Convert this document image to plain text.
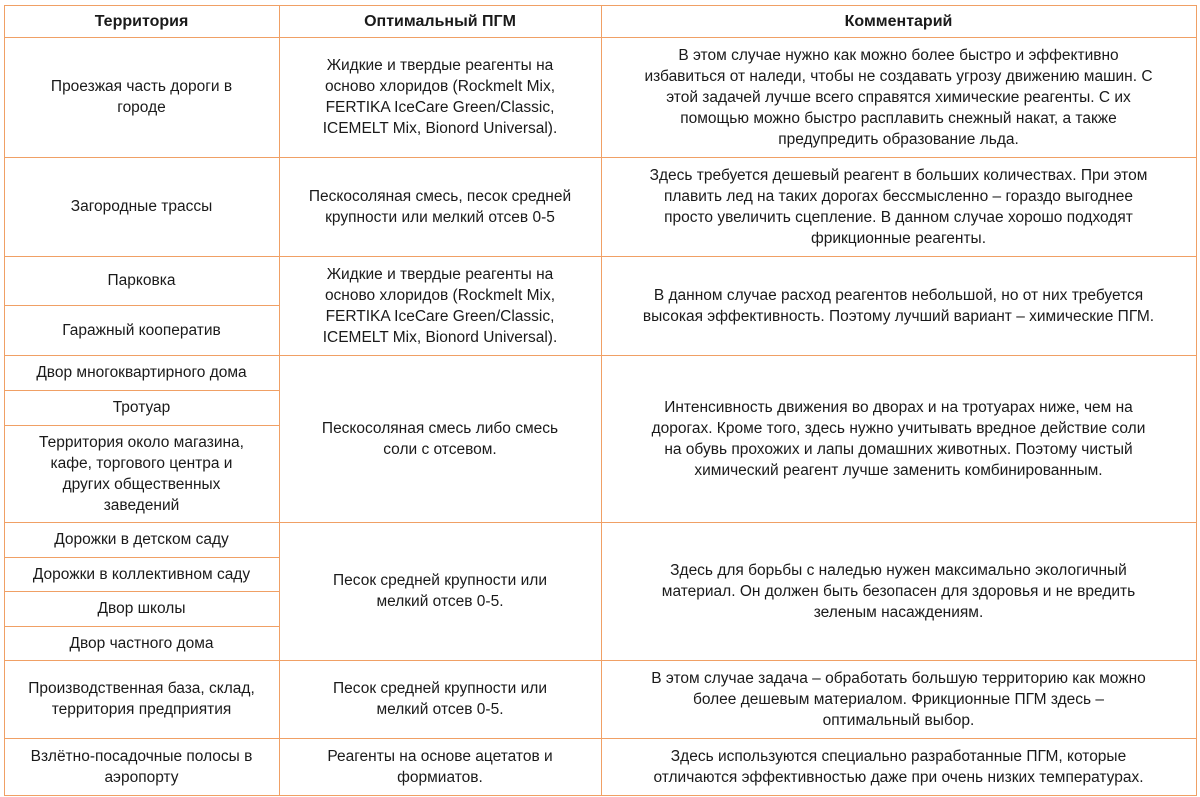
Территория	Оптимальный ПГМ	Комментарий
Проезжая часть дороги в
городе
Жидкие и твердые реагенты на
осново хлоридов (Rockmelt Mix,
FERTIKA IceCare Green/Classic,
ICEMELT Mix, Bionord Universal).
В этом случае нужно как можно более быстро и эффективно
избавиться от наледи, чтобы не создавать угрозу движению машин. С
этой задачей лучше всего справятся химические реагенты. С их
помощью можно быстро расплавить снежный накат, а также
предупредить образование льда.
Загородные трассы
Пескосоляная смесь, песок средней
крупности или мелкий отсев 0-5
Здесь требуется дешевый реагент в больших количествах. При этом
плавить лед на таких дорогах бессмысленно – гораздо выгоднее
просто увеличить сцепление. В данном случае хорошо подходят
фрикционные реагенты.
Парковка
Гаражный кооператив
Жидкие и твердые реагенты на
осново хлоридов (Rockmelt Mix,
FERTIKA IceCare Green/Classic,
ICEMELT Mix, Bionord Universal).
В данном случае расход реагентов небольшой, но от них требуется
высокая эффективность. Поэтому лучший вариант – химические ПГМ.
Двор многоквартирного дома
Тротуар
Территория около магазина,
кафе, торгового центра и
других общественных
заведений
Пескосоляная смесь либо смесь
соли с отсевом.
Интенсивность движения во дворах и на тротуарах ниже, чем на
дорогах. Кроме того, здесь нужно учитывать вредное действие соли
на обувь прохожих и лапы домашних животных. Поэтому чистый
химический реагент лучше заменить комбинированным.
Дорожки в детском саду
Дорожки в коллективном саду
Двор школы
Двор частного дома
Песок средней крупности или
мелкий отсев 0-5.
Здесь для борьбы с наледью нужен максимально экологичный
материал. Он должен быть безопасен для здоровья и не вредить
зеленым насаждениям.
Производственная база, склад,
территория предприятия
Песок средней крупности или
мелкий отсев 0-5.
В этом случае задача – обработать большую территорию как можно
более дешевым материалом. Фрикционные ПГМ здесь –
оптимальный выбор.
Взлётно-посадочные полосы в
аэропорту
Реагенты на основе ацетатов и
формиатов.
Здесь используются специально разработанные ПГМ, которые
отличаются эффективностью даже при очень низких температурах.
